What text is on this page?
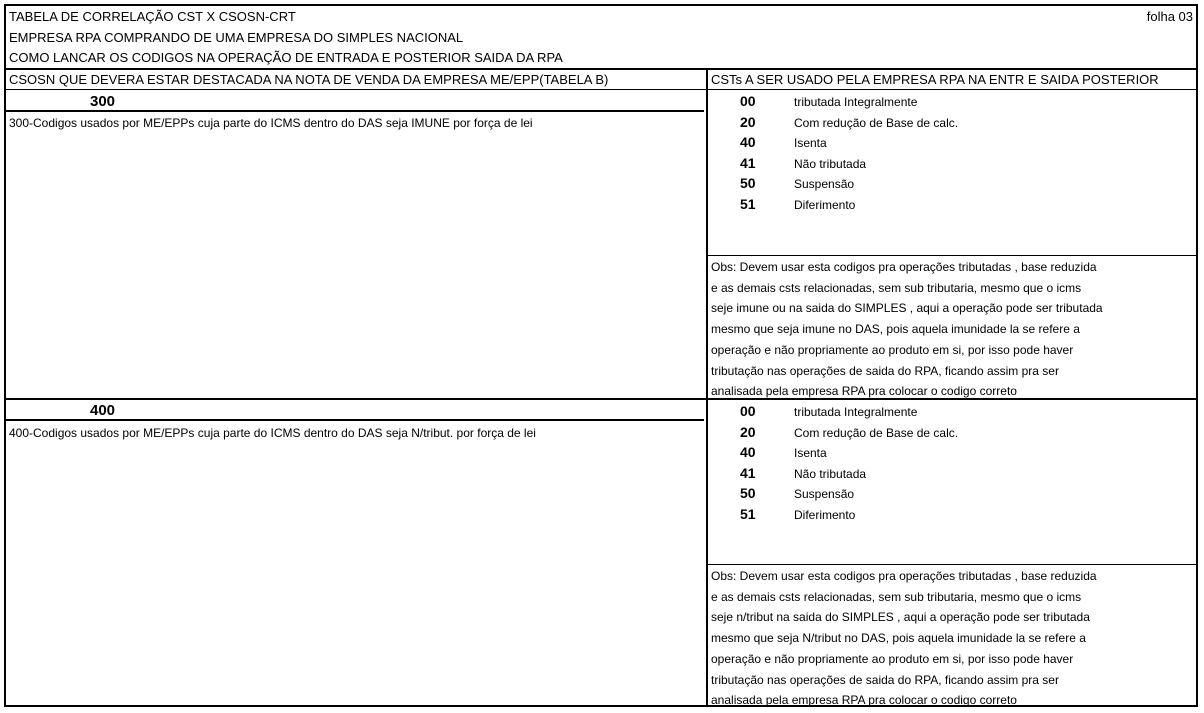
TABELA DE CORRELAÇÃO CST X CSOSN-CRT	folha 03
EMPRESA RPA COMPRANDO DE UMA EMPRESA DO SIMPLES NACIONAL
COMO LANCAR OS CODIGOS NA OPERAÇÃO DE ENTRADA E POSTERIOR SAIDA DA RPA
CSOSN QUE DEVERA ESTAR DESTACADA NA NOTA DE VENDA DA EMPRESA ME/EPP(TABELA B)	CSTs A SER USADO PELA EMPRESA RPA NA ENTR E SAIDA POSTERIOR
300
300-Codigos usados por ME/EPPs cuja parte do ICMS dentro do DAS seja IMUNE por força de lei
00	tributada Integralmente
20	Com redução de Base de calc.
40	Isenta
41	Não tributada
50	Suspensão
51	Diferimento
Obs: Devem usar esta codigos pra operações tributadas , base reduzida
e as demais csts relacionadas, sem sub tributaria, mesmo que o icms
seje imune ou na saida do SIMPLES , aqui a operação pode ser tributada
mesmo que seja imune no DAS, pois aquela imunidade la se refere a
operação e não propriamente ao produto em si, por isso pode haver
tributação nas operações de saida do RPA, ficando assim pra ser
analisada pela empresa RPA pra colocar o codigo correto
400
400-Codigos usados por ME/EPPs cuja parte do ICMS dentro do DAS seja N/tribut. por força de lei
00	tributada Integralmente
20	Com redução de Base de calc.
40	Isenta
41	Não tributada
50	Suspensão
51	Diferimento
Obs: Devem usar esta codigos pra operações tributadas , base reduzida
e as demais csts relacionadas, sem sub tributaria, mesmo que o icms
seje n/tribut na saida do SIMPLES , aqui a operação pode ser tributada
mesmo que seja N/tribut no DAS, pois aquela imunidade la se refere a
operação e não propriamente ao produto em si, por isso pode haver
tributação nas operações de saida do RPA, ficando assim pra ser
analisada pela empresa RPA pra colocar o codigo correto
